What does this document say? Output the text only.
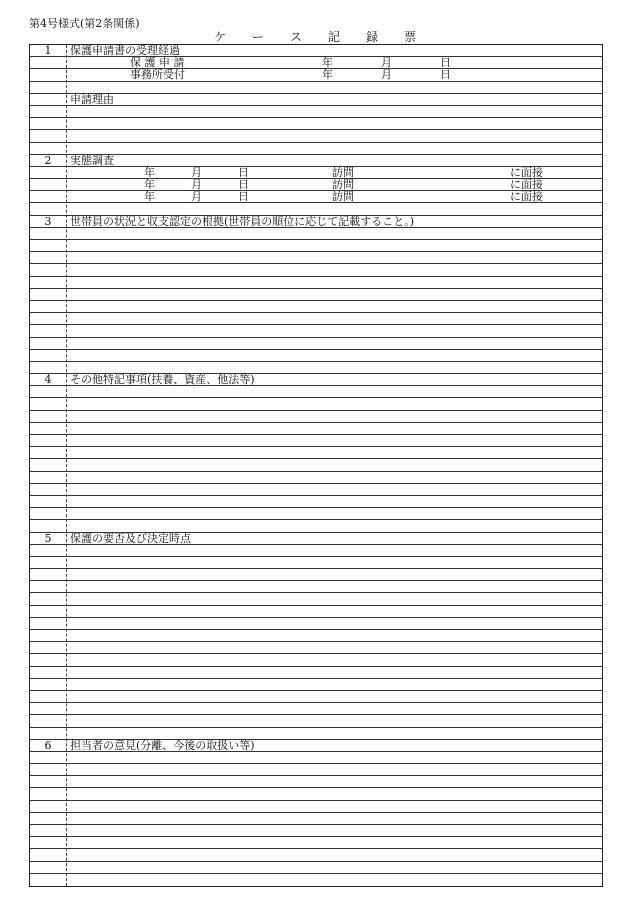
第4号様式(第2条関係)
ケ ー ス 記 録 票
1	保護申請書の受理経過
保 護 申 請	年	月	日
事務所受付	年	月	日
申請理由
2	実態調査
年	月	日	訪問	に面接
年	月	日	訪問	に面接
年	月	日	訪問	に面接
3	世帯員の状況と収支認定の根拠(世帯員の順位に応じて記載すること。)
4	その他特記事項(扶養、資産、他法等)
5	保護の要否及び決定時点
6	担当者の意見(分離、今後の取扱い等)
